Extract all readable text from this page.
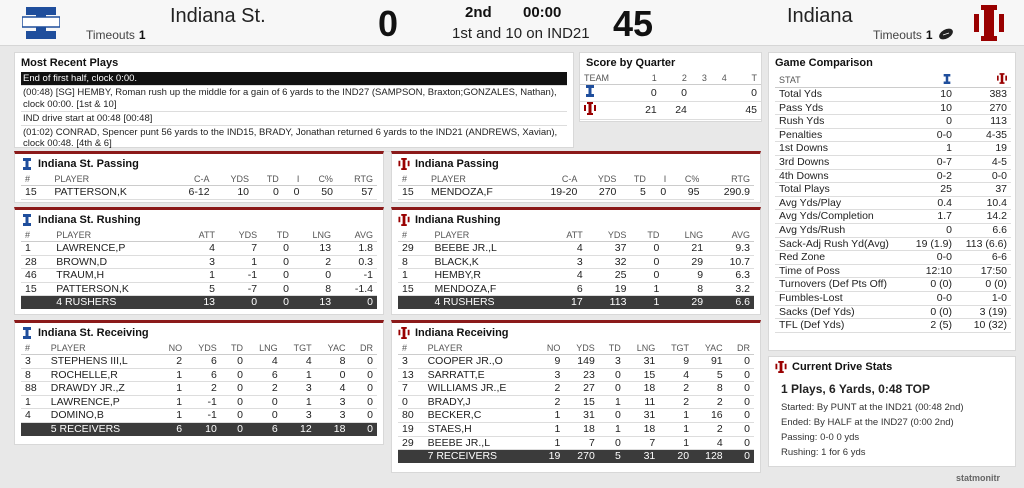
Indiana St.
Timeouts 1	0	2nd 00:00
1st and 10 on IND21 45	Indiana
Timeouts 1
Most Recent Plays
End of first half, clock 0:00.
(00:48) [SG] HEMBY, Roman rush up the middle for a gain of 6 yards to the IND27 (SAMPSON, Braxton;GONZALES, Nathan), clock 00:00. [1st & 10]
IND drive start at 00:48 [00:48]
(01:02) CONRAD, Spencer punt 56 yards to the IND15, BRADY, Jonathan returned 6 yards to the IND21 (ANDREWS, Xavian), clock 00:48. [4th & 6]
Score by Quarter
TEAM	1	2	3	4	T
	0	0			0
	21	24			45
Game Comparison
STAT		
Total Yds	10	383
Pass Yds	10	270
Rush Yds	0	113
Penalties	0-0	4-35
1st Downs	1	19
3rd Downs	0-7	4-5
4th Downs	0-2	0-0
Total Plays	25	37
Avg Yds/Play	0.4	10.4
Avg Yds/Completion	1.7	14.2
Avg Yds/Rush	0	6.6
Sack-Adj Rush Yd(Avg)	19 (1.9)	113 (6.6)
Red Zone	0-0	6-6
Time of Poss	12:10	17:50
Turnovers (Def Pts Off)	0 (0)	0 (0)
Fumbles-Lost	0-0	1-0
Sacks (Def Yds)	0 (0)	3 (19)
TFL (Def Yds)	2 (5)	10 (32)
Current Drive Stats
1 Plays, 6 Yards, 0:48 TOP
Started: By PUNT at the IND21 (00:48 2nd)
Ended: By HALF at the IND27 (0:00 2nd)
Passing: 0-0 0 yds
Rushing: 1 for 6 yds
Indiana St. Passing
#	PLAYER	C-A	YDS	TD	I	C%	RTG
15	PATTERSON,K	6-12	10	0	0	50	57
Indiana Passing
#	PLAYER	C-A	YDS	TD	I	C%	RTG
15	MENDOZA,F	19-20	270	5	0	95	290.9
Indiana St. Rushing
#	PLAYER	ATT	YDS	TD	LNG	AVG
1	LAWRENCE,P	4	7	0	13	1.8
28	BROWN,D	3	1	0	2	0.3
46	TRAUM,H	1	-1	0	0	-1
15	PATTERSON,K	5	-7	0	8	-1.4
	4 RUSHERS	13	0	0	13	0
Indiana Rushing
#	PLAYER	ATT	YDS	TD	LNG	AVG
29	BEEBE JR.,L	4	37	0	21	9.3
8	BLACK,K	3	32	0	29	10.7
1	HEMBY,R	4	25	0	9	6.3
15	MENDOZA,F	6	19	1	8	3.2
	4 RUSHERS	17	113	1	29	6.6
Indiana St. Receiving
#	PLAYER	NO	YDS	TD	LNG	TGT	YAC	DR
3	STEPHENS III,L	2	6	0	4	4	8	0
8	ROCHELLE,R	1	6	0	6	1	0	0
88	DRAWDY JR.,Z	1	2	0	2	3	4	0
1	LAWRENCE,P	1	-1	0	0	1	3	0
4	DOMINO,B	1	-1	0	0	3	3	0
	5 RECEIVERS	6	10	0	6	12	18	0
Indiana Receiving
#	PLAYER	NO	YDS	TD	LNG	TGT	YAC	DR
3	COOPER JR.,O	9	149	3	31	9	91	0
13	SARRATT,E	3	23	0	15	4	5	0
7	WILLIAMS JR.,E	2	27	0	18	2	8	0
0	BRADY,J	2	15	1	11	2	2	0
80	BECKER,C	1	31	0	31	1	16	0
19	STAES,H	1	18	1	18	1	2	0
29	BEEBE JR.,L	1	7	0	7	1	4	0
	7 RECEIVERS	19	270	5	31	20	128	0
statmonitr
